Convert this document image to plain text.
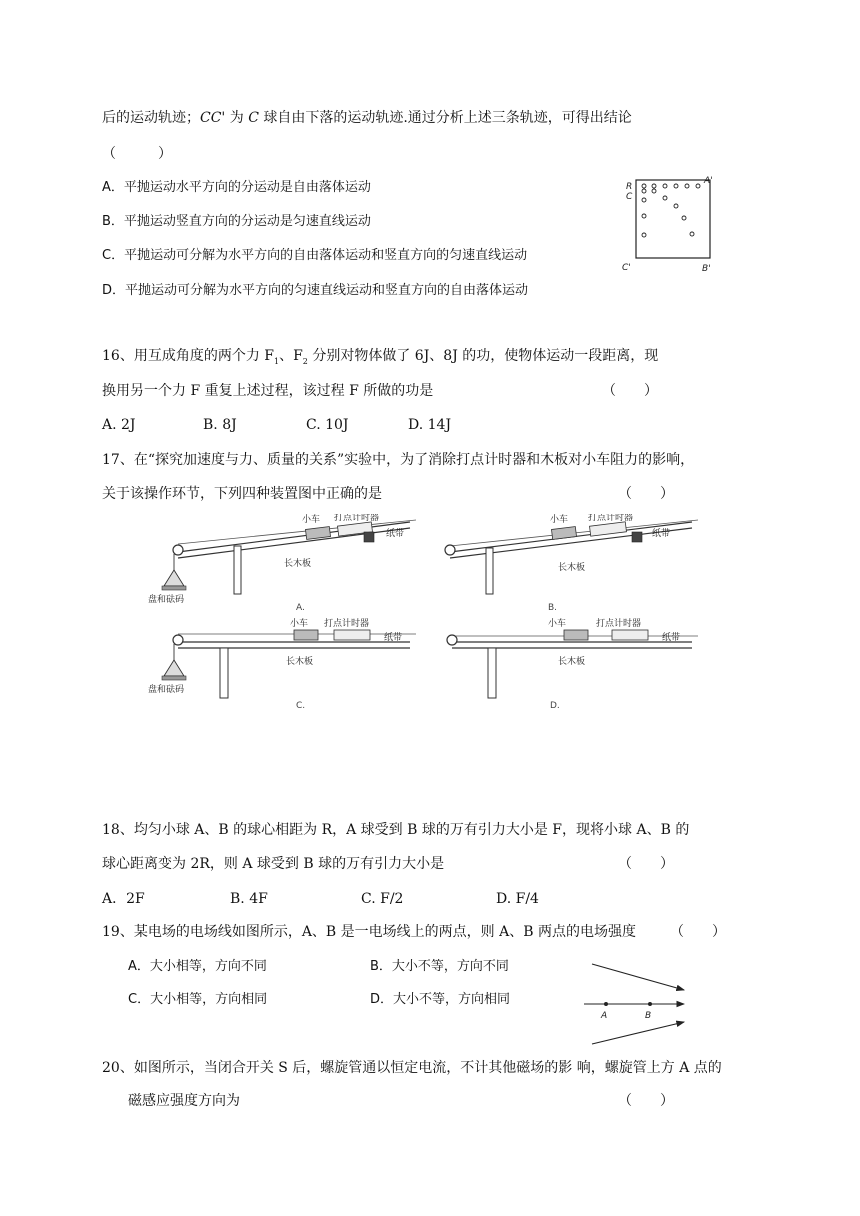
后的运动轨迹；CC' 为 C 球自由下落的运动轨迹.通过分析上述三条轨迹，可得出结论
（　　　）
A．平抛运动水平方向的分运动是自由落体运动
B．平抛运动竖直方向的分运动是匀速直线运动
C．平抛运动可分解为水平方向的自由落体运动和竖直方向的匀速直线运动
D．平抛运动可分解为水平方向的匀速直线运动和竖直方向的自由落体运动
R
C
A'
C'	B'
16、用互成角度的两个力 $F_1$、$F_2$ 分别对物体做了 6J、8J 的功，使物体运动一段距离，现
换用另一个力 F 重复上述过程，该过程 F 所做的功是	（　　）
A. 2J	B. 8J	C. 10J	D. 14J
17、在“探究加速度与力、质量的关系”实验中，为了消除打点计时器和木板对小车阻力的影响，
关于该操作环节，下列四种装置图中正确的是	（　　）
小车 打点计时器
纸带
长木板
盘和砝码
A.
小车 打点计时器
纸带
长木板
B.
小车 打点计时器
纸带
长木板
盘和砝码
C.
小车	打点计时器
纸带
长木板
D.
18、均匀小球 A、B 的球心相距为 R，A 球受到 B 球的万有引力大小是 F，现将小球 A、B 的
球心距离变为 2R，则 A 球受到 B 球的万有引力大小是	（　　）
A．2F	B. 4F	C. F/2	D. F/4
19、某电场的电场线如图所示，A、B 是一电场线上的两点，则 A、B 两点的电场强度 （　　）
A．大小相等，方向不同	B．大小不等，方向不同
C．大小相等，方向相同	D．大小不等，方向相同
A	B
20、如图所示，当闭合开关 S 后，螺旋管通以恒定电流，不计其他磁场的影 响，螺旋管上方 A 点的
磁感应强度方向为	（　　）
